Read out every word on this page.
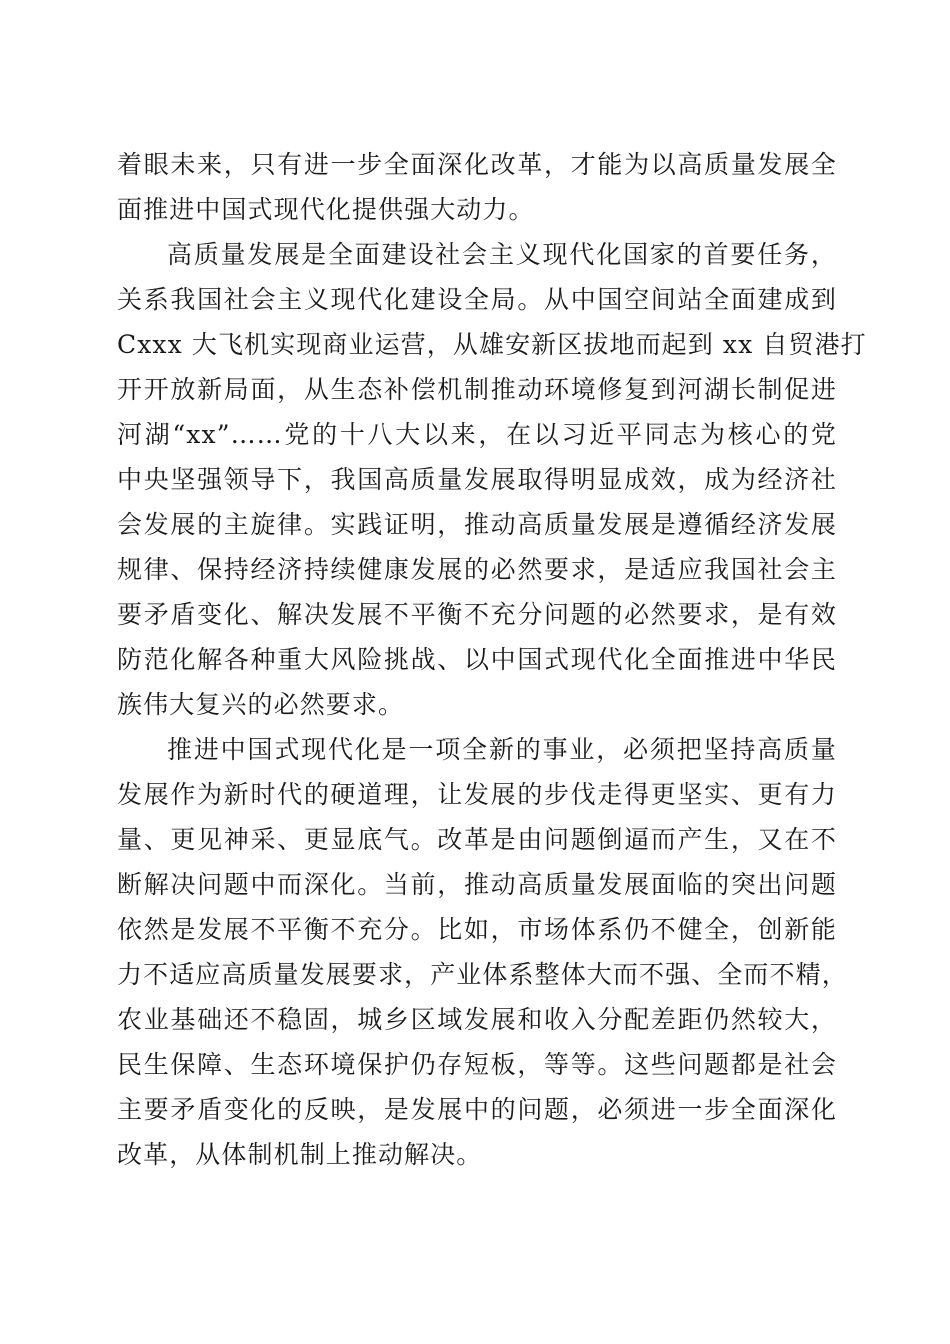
着眼未来，只有进一步全面深化改革，才能为以高质量发展全
面推进中国式现代化提供强大动力。
高质量发展是全面建设社会主义现代化国家的首要任务，
关系我国社会主义现代化建设全局。从中国空间站全面建成到
Cxxx 大飞机实现商业运营，从雄安新区拔地而起到 xx 自贸港打
开开放新局面，从生态补偿机制推动环境修复到河湖长制促进
河湖“xx”……党的十八大以来，在以习近平同志为核心的党
中央坚强领导下，我国高质量发展取得明显成效，成为经济社
会发展的主旋律。实践证明，推动高质量发展是遵循经济发展
规律、保持经济持续健康发展的必然要求，是适应我国社会主
要矛盾变化、解决发展不平衡不充分问题的必然要求，是有效
防范化解各种重大风险挑战、以中国式现代化全面推进中华民
族伟大复兴的必然要求。
推进中国式现代化是一项全新的事业，必须把坚持高质量
发展作为新时代的硬道理，让发展的步伐走得更坚实、更有力
量、更见神采、更显底气。改革是由问题倒逼而产生，又在不
断解决问题中而深化。当前，推动高质量发展面临的突出问题
依然是发展不平衡不充分。比如，市场体系仍不健全，创新能
力不适应高质量发展要求，产业体系整体大而不强、全而不精，
农业基础还不稳固，城乡区域发展和收入分配差距仍然较大，
民生保障、生态环境保护仍存短板，等等。这些问题都是社会
主要矛盾变化的反映，是发展中的问题，必须进一步全面深化
改革，从体制机制上推动解决。
